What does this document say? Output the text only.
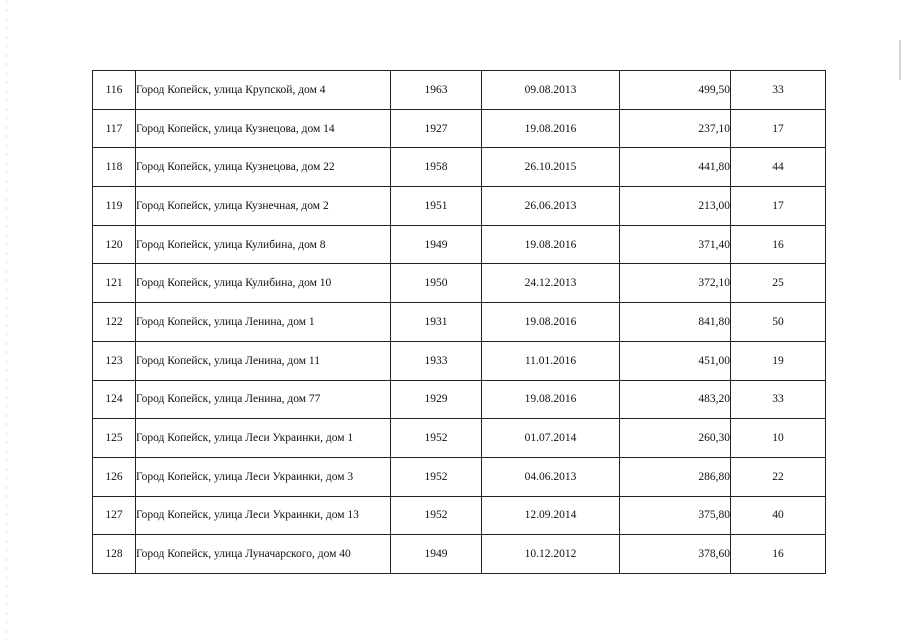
116	Город Копейск, улица Крупской, дом 4	1963	09.08.2013	499,50	33
117	Город Копейск, улица Кузнецова, дом 14	1927	19.08.2016	237,10	17
118	Город Копейск, улица Кузнецова, дом 22	1958	26.10.2015	441,80	44
119	Город Копейск, улица Кузнечная, дом 2	1951	26.06.2013	213,00	17
120	Город Копейск, улица Кулибина, дом 8	1949	19.08.2016	371,40	16
121	Город Копейск, улица Кулибина, дом 10	1950	24.12.2013	372,10	25
122	Город Копейск, улица Ленина, дом 1	1931	19.08.2016	841,80	50
123	Город Копейск, улица Ленина, дом 11	1933	11.01.2016	451,00	19
124	Город Копейск, улица Ленина, дом 77	1929	19.08.2016	483,20	33
125	Город Копейск, улица Леси Украинки, дом 1	1952	01.07.2014	260,30	10
126	Город Копейск, улица Леси Украинки, дом 3	1952	04.06.2013	286,80	22
127	Город Копейск, улица Леси Украинки, дом 13	1952	12.09.2014	375,80	40
128	Город Копейск, улица Луначарского, дом 40	1949	10.12.2012	378,60	16
